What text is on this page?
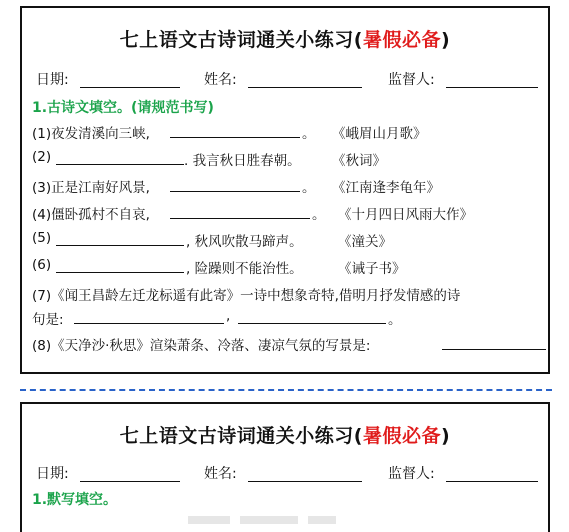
七上语文古诗词通关小练习(暑假必备)
日期:	姓名:	监督人:
1.古诗文填空。(请规范书写)
(1)夜发清溪向三峡,	。 《峨眉山月歌》
(2)	. 我言秋日胜春朝。 《秋词》
(3)正是江南好风景,	。 《江南逢李龟年》
(4)僵卧孤村不自哀,	。 《十月四日风雨大作》
(5)	, 秋风吹散马蹄声。	《潼关》
(6)	, 险躁则不能治性。	《诫子书》
(7)《闻王昌龄左迁龙标遥有此寄》一诗中想象奇特,借明月抒发情感的诗
句是:	,	。
(8)《天净沙·秋思》渲染萧条、冷落、凄凉气氛的写景是:
七上语文古诗词通关小练习(暑假必备)
日期:	姓名:	监督人:
1.默写填空。
